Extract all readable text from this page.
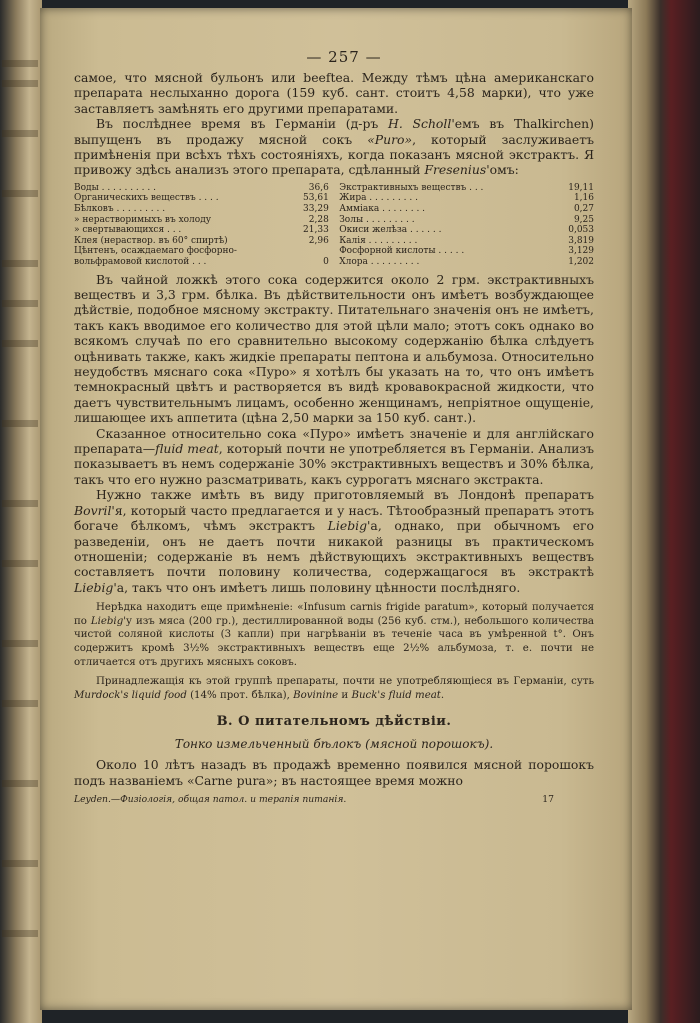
— 257 —

самое, что мясной бульонъ или beeftea. Между тѣмъ цѣна американскаго препарата неслыханно дорога (159 куб. сант. стоитъ 4,58 марки), что уже заставляетъ замѣнять его другими препаратами.

Въ послѣднее время въ Германіи (д-ръ H. Scholl'емъ въ Thalkirchen) выпущенъ въ продажу мясной сокъ «Puro», который заслуживаетъ примѣненія при всѣхъ тѣхъ состояніяхъ, когда показанъ мясной экстрактъ. Я привожу здѣсь анализъ этого препарата, сдѣланный Fresenius'омъ:

Воды . . . . . . . . . .	36,6
Органическихъ веществъ . . . .	53,61
Бѣлковъ . . . . . . . . .	33,29
» нерастворимыхъ въ холоду	2,28
» свертывающихся . . .	21,33
Клея (нераствор. въ 60° спиртѣ)	2,96
Цѣнтенъ, осаждаемаго фосфорно-
вольфрамовой кислотой . . .	0
Экстрактивныхъ веществъ . . .	19,11
Жира . . . . . . . . .	1,16
Аммiака . . . . . . . .	0,27
Золы . . . . . . . . .	9,25
Окиси желѣза . . . . . .	0,053
Калiя . . . . . . . . .	3,819
Фосфорной кислоты . . . . .	3,129
Хлора . . . . . . . . .	1,202

Въ чайной ложкѣ этого сока содержится около 2 грм. экстрактивныхъ веществъ и 3,3 грм. бѣлка. Въ дѣйствительности онъ имѣетъ возбуждающее дѣйствіе, подобное мясному экстракту. Питательнаго значенія онъ не имѣетъ, такъ какъ вводимое его количество для этой цѣли мало; этотъ сокъ однако во всякомъ случаѣ по его сравнительно высокому содержанію бѣлка слѣдуетъ оцѣнивать также, какъ жидкіе препараты пептона и альбумоза. Относительно неудобствъ мяснаго сока «Пуро» я хотѣлъ бы указать на то, что онъ имѣетъ темнокрасный цвѣтъ и растворяется въ видѣ кровавокрасной жидкости, что даетъ чувствительнымъ лицамъ, особенно женщинамъ, непріятное ощущеніе, лишающее ихъ аппетита (цѣна 2,50 марки за 150 куб. сант.).

Сказанное относительно сока «Пуро» имѣетъ значеніе и для англійскаго препарата—fluid meat, который почти не употребляется въ Германіи. Анализъ показываетъ въ немъ содержаніе 30% экстрактивныхъ веществъ и 30% бѣлка, такъ что его нужно разсматривать, какъ суррогатъ мяснаго экстракта.

Нужно также имѣть въ виду приготовляемый въ Лондонѣ препаратъ Bovril'я, который часто предлагается и у насъ. Тѣтообразный препаратъ этотъ богаче бѣлкомъ, чѣмъ экстрактъ Liebig'а, однако, при обычномъ его разведеніи, онъ не даетъ почти никакой разницы въ практическомъ отношеніи; содержаніе въ немъ дѣйствующихъ экстрактивныхъ веществъ составляетъ почти половину количества, содержащагося въ экстрактѣ Liebig'а, такъ что онъ имѣетъ лишь половину цѣнности послѣдняго.

Нерѣдка находитъ еще примѣненіе: «Infusum carnis frigide paratum», который получается по Liebig'у изъ мяса (200 гр.), дестиллированной воды (256 куб. стм.), небольшого количества чистой соляной кислоты (3 капли) при нагрѣваніи въ теченіе часа въ умѣренной t°. Онъ содержитъ кромѣ 3½% экстрактивныхъ веществъ еще 2½% альбумоза, т. е. почти не отличается отъ другихъ мясныхъ соковъ.

Принадлежащія къ этой группѣ препараты, почти не употребляющіеся въ Германіи, суть Murdock's liquid food (14% прот. бѣлка), Bovinine и Buck's fluid meat.

B. О питательномъ дѣйствіи.
Тонко измельченный бѣлокъ (мясной порошокъ).

Около 10 лѣтъ назадъ въ продажѣ временно появился мясной порошокъ подъ названіемъ «Carne pura»; въ настоящее время можно

Leyden.—Физіологія, общая патол. и терапія питанія.	17
